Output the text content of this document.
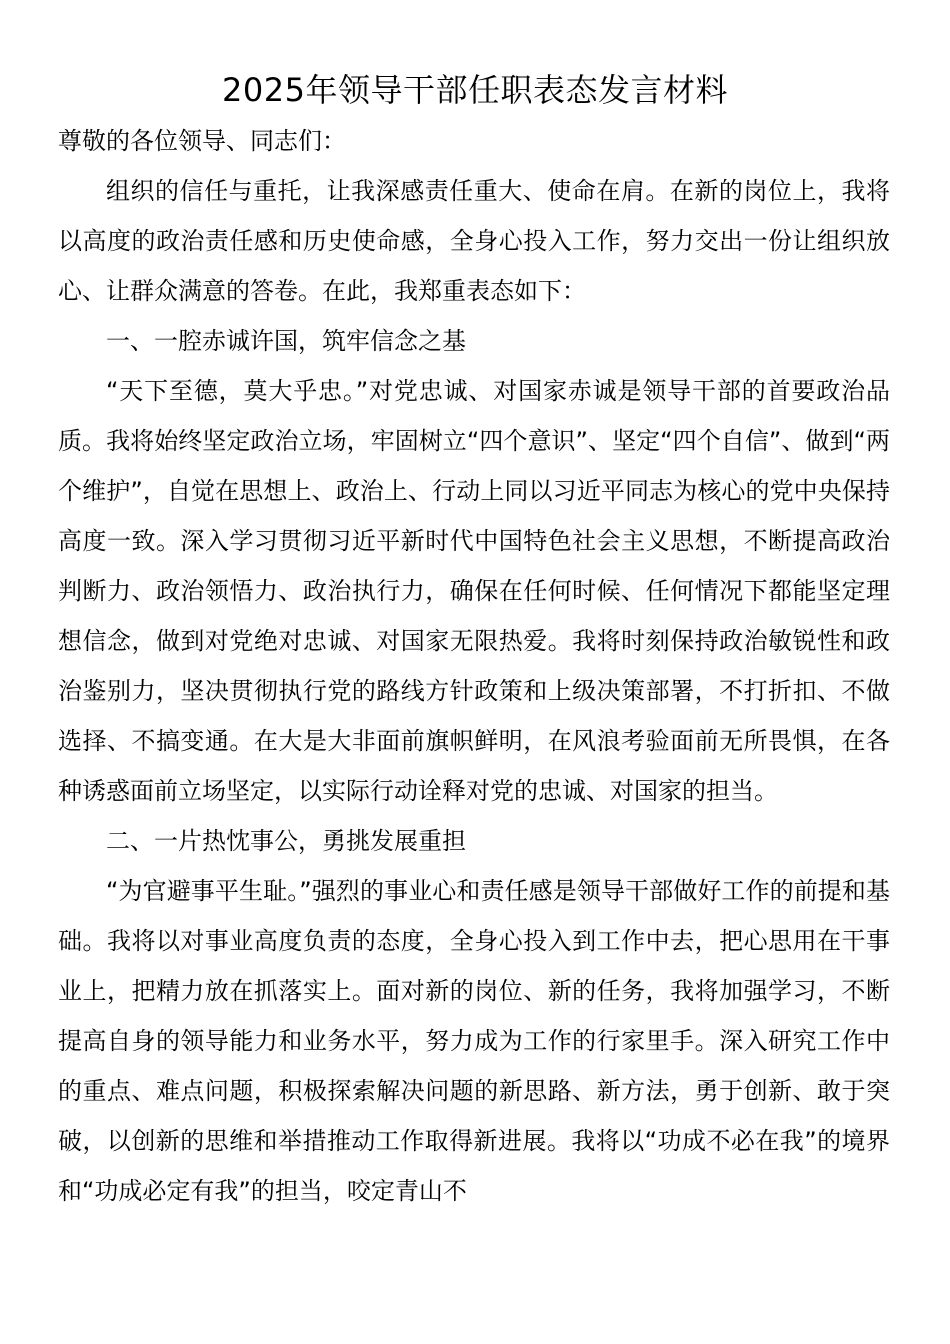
2025年领导干部任职表态发言材料

尊敬的各位领导、同志们：

组织的信任与重托，让我深感责任重大、使命在肩。在新的岗位上，我将以高度的政治责任感和历史使命感，全身心投入工作，努力交出一份让组织放心、让群众满意的答卷。在此，我郑重表态如下：

一、一腔赤诚许国，筑牢信念之基

“天下至德，莫大乎忠。”对党忠诚、对国家赤诚是领导干部的首要政治品质。我将始终坚定政治立场，牢固树立“四个意识”、坚定“四个自信”、做到“两个维护”，自觉在思想上、政治上、行动上同以习近平同志为核心的党中央保持高度一致。深入学习贯彻习近平新时代中国特色社会主义思想，不断提高政治判断力、政治领悟力、政治执行力，确保在任何时候、任何情况下都能坚定理想信念，做到对党绝对忠诚、对国家无限热爱。我将时刻保持政治敏锐性和政治鉴别力，坚决贯彻执行党的路线方针政策和上级决策部署，不打折扣、不做选择、不搞变通。在大是大非面前旗帜鲜明，在风浪考验面前无所畏惧，在各种诱惑面前立场坚定，以实际行动诠释对党的忠诚、对国家的担当。

二、一片热忱事公，勇挑发展重担

“为官避事平生耻。”强烈的事业心和责任感是领导干部做好工作的前提和基础。我将以对事业高度负责的态度，全身心投入到工作中去，把心思用在干事业上，把精力放在抓落实上。面对新的岗位、新的任务，我将加强学习，不断提高自身的领导能力和业务水平，努力成为工作的行家里手。深入研究工作中的重点、难点问题，积极探索解决问题的新思路、新方法，勇于创新、敢于突破，以创新的思维和举措推动工作取得新进展。我将以“功成不必在我”的境界和“功成必定有我”的担当，咬定青山不
